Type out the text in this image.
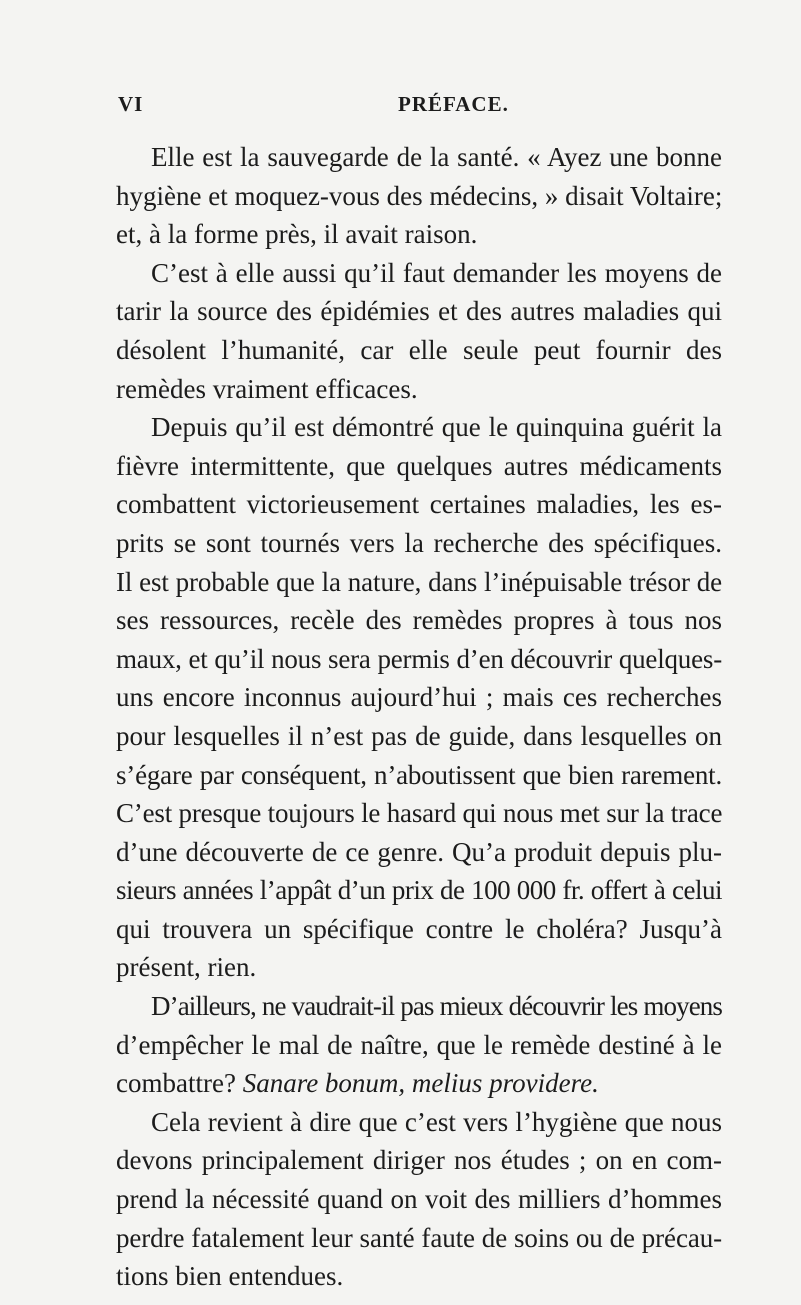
VI	PRÉFACE.
Elle est la sauvegarde de la santé. « Ayez une bonne
hygiène et moquez-vous des médecins, » disait Voltaire;
et, à la forme près, il avait raison.
C’est à elle aussi qu’il faut demander les moyens de
tarir la source des épidémies et des autres maladies qui
désolent l’humanité, car elle seule peut fournir des
remèdes vraiment efficaces.
Depuis qu’il est démontré que le quinquina guérit la
fièvre intermittente, que quelques autres médicaments
combattent victorieusement certaines maladies, les es-
prits se sont tournés vers la recherche des spécifiques.
Il est probable que la nature, dans l’inépuisable trésor de
ses ressources, recèle des remèdes propres à tous nos
maux, et qu’il nous sera permis d’en découvrir quelques-
uns encore inconnus aujourd’hui ; mais ces recherches
pour lesquelles il n’est pas de guide, dans lesquelles on
s’égare par conséquent, n’aboutissent que bien rarement.
C’est presque toujours le hasard qui nous met sur la trace
d’une découverte de ce genre. Qu’a produit depuis plu-
sieurs années l’appât d’un prix de 100 000 fr. offert à celui
qui trouvera un spécifique contre le choléra? Jusqu’à
présent, rien.
D’ailleurs, ne vaudrait-il pas mieux découvrir les moyens
d’empêcher le mal de naître, que le remède destiné à le
combattre? Sanare bonum, melius providere.
Cela revient à dire que c’est vers l’hygiène que nous
devons principalement diriger nos études ; on en com-
prend la nécessité quand on voit des milliers d’hommes
perdre fatalement leur santé faute de soins ou de précau-
tions bien entendues.
